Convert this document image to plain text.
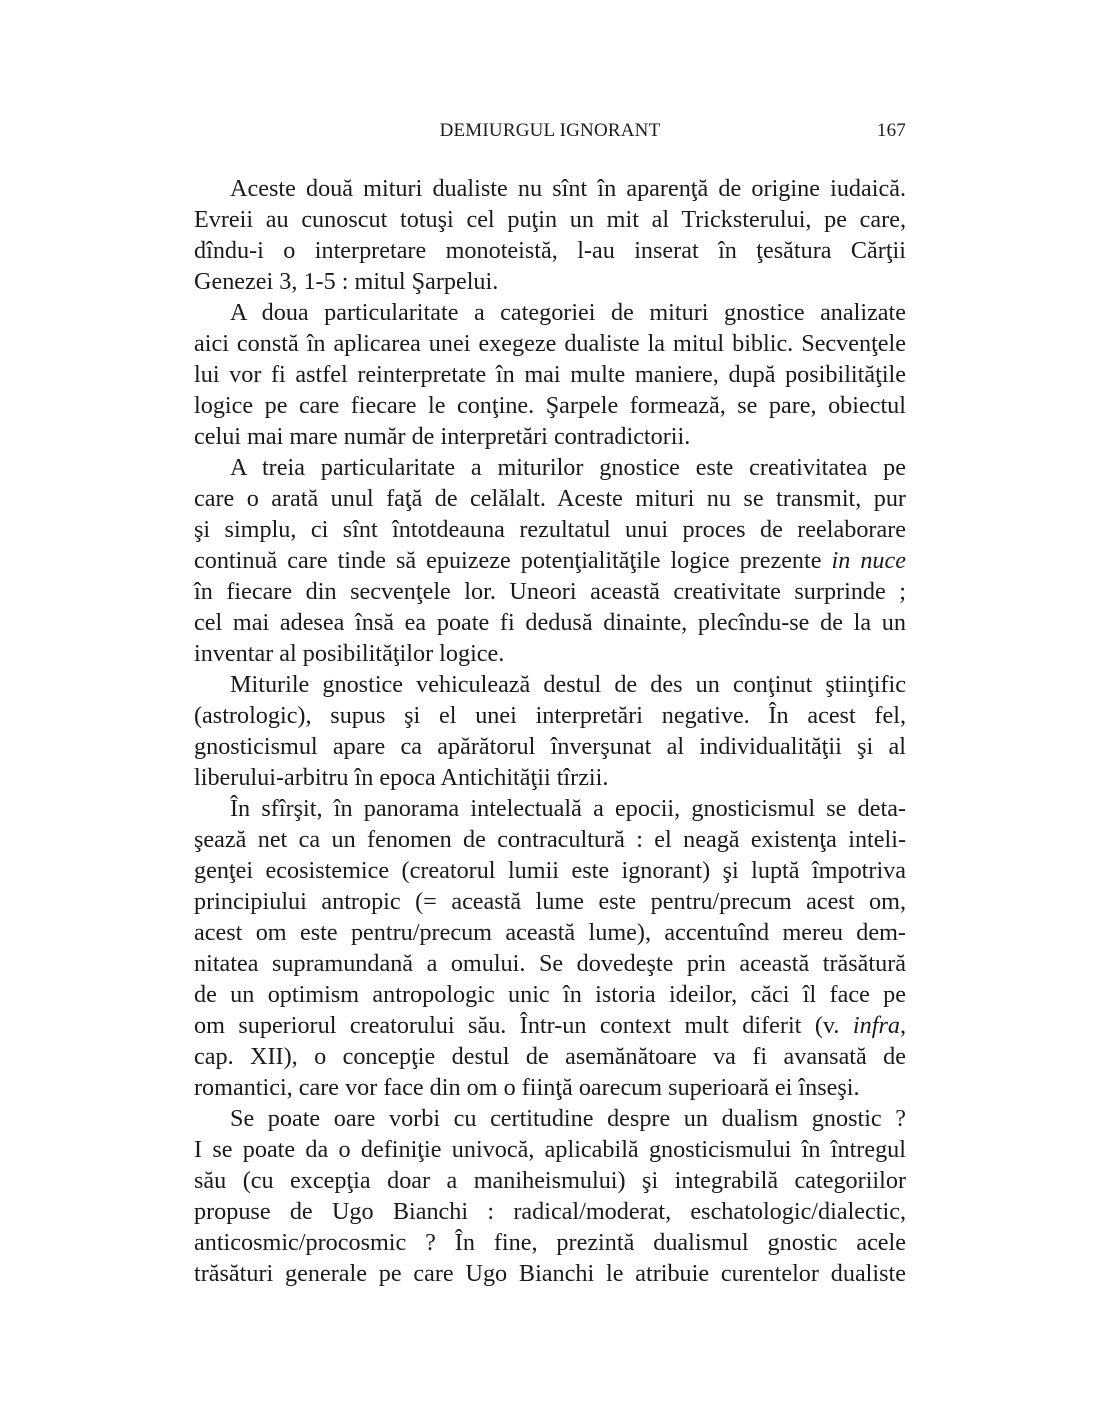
DEMIURGUL IGNORANT	167
Aceste două mituri dualiste nu sînt în aparenţă de origine iudaică.
Evreii au cunoscut totuşi cel puţin un mit al Tricksterului, pe care,
dîndu-i o interpretare monoteistă, l-au inserat în ţesătura Cărţii
Genezei 3, 1-5 : mitul Şarpelui.
A doua particularitate a categoriei de mituri gnostice analizate
aici constă în aplicarea unei exegeze dualiste la mitul biblic. Secvenţele
lui vor fi astfel reinterpretate în mai multe maniere, după posibilităţile
logice pe care fiecare le conţine. Şarpele formează, se pare, obiectul
celui mai mare număr de interpretări contradictorii.
A treia particularitate a miturilor gnostice este creativitatea pe
care o arată unul faţă de celălalt. Aceste mituri nu se transmit, pur
şi simplu, ci sînt întotdeauna rezultatul unui proces de reelaborare
continuă care tinde să epuizeze potenţialităţile logice prezente in nuce
în fiecare din secvenţele lor. Uneori această creativitate surprinde ;
cel mai adesea însă ea poate fi dedusă dinainte, plecîndu-se de la un
inventar al posibilităţilor logice.
Miturile gnostice vehiculează destul de des un conţinut ştiinţific
(astrologic), supus şi el unei interpretări negative. În acest fel,
gnosticismul apare ca apărătorul înverşunat al individualităţii şi al
liberului-arbitru în epoca Antichităţii tîrzii.
În sfîrşit, în panorama intelectuală a epocii, gnosticismul se deta-
şează net ca un fenomen de contracultură : el neagă existenţa inteli-
genţei ecosistemice (creatorul lumii este ignorant) şi luptă împotriva
principiului antropic (= această lume este pentru/precum acest om,
acest om este pentru/precum această lume), accentuînd mereu dem-
nitatea supramundană a omului. Se dovedeşte prin această trăsătură
de un optimism antropologic unic în istoria ideilor, căci îl face pe
om superiorul creatorului său. Într-un context mult diferit (v. infra,
cap. XII), o concepţie destul de asemănătoare va fi avansată de
romantici, care vor face din om o fiinţă oarecum superioară ei înseşi.
Se poate oare vorbi cu certitudine despre un dualism gnostic ?
I se poate da o definiţie univocă, aplicabilă gnosticismului în întregul
său (cu excepţia doar a maniheismului) şi integrabilă categoriilor
propuse de Ugo Bianchi : radical/moderat, eschatologic/dialectic,
anticosmic/procosmic ? În fine, prezintă dualismul gnostic acele
trăsături generale pe care Ugo Bianchi le atribuie curentelor dualiste
